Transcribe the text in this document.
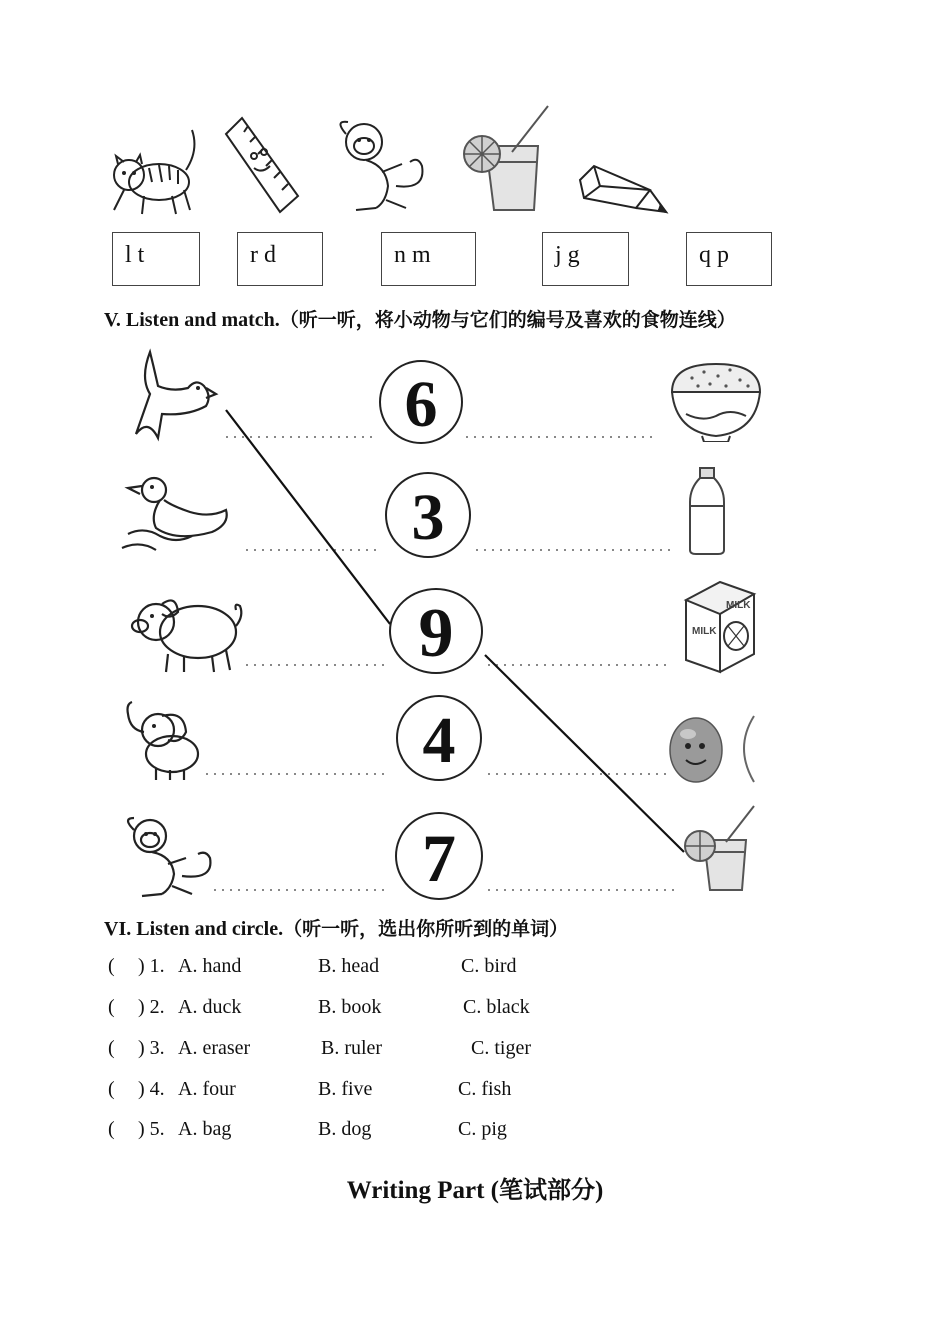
l t	r d	n m	j g	q p
V. Listen and match.（听一听，将小动物与它们的编号及喜欢的食物连线）
6
3
9
4
7
MILK
MILK
VI. Listen and circle.（听一听，选出你所听到的单词）
( ) 1. A. hand	B. head	C. bird
( ) 2. A. duck	B. book	C. black
( ) 3. A. eraser	B. ruler	C. tiger
( ) 4. A. four	B. five	C. fish
( ) 5. A. bag	B. dog	C. pig
Writing Part (笔试部分)
